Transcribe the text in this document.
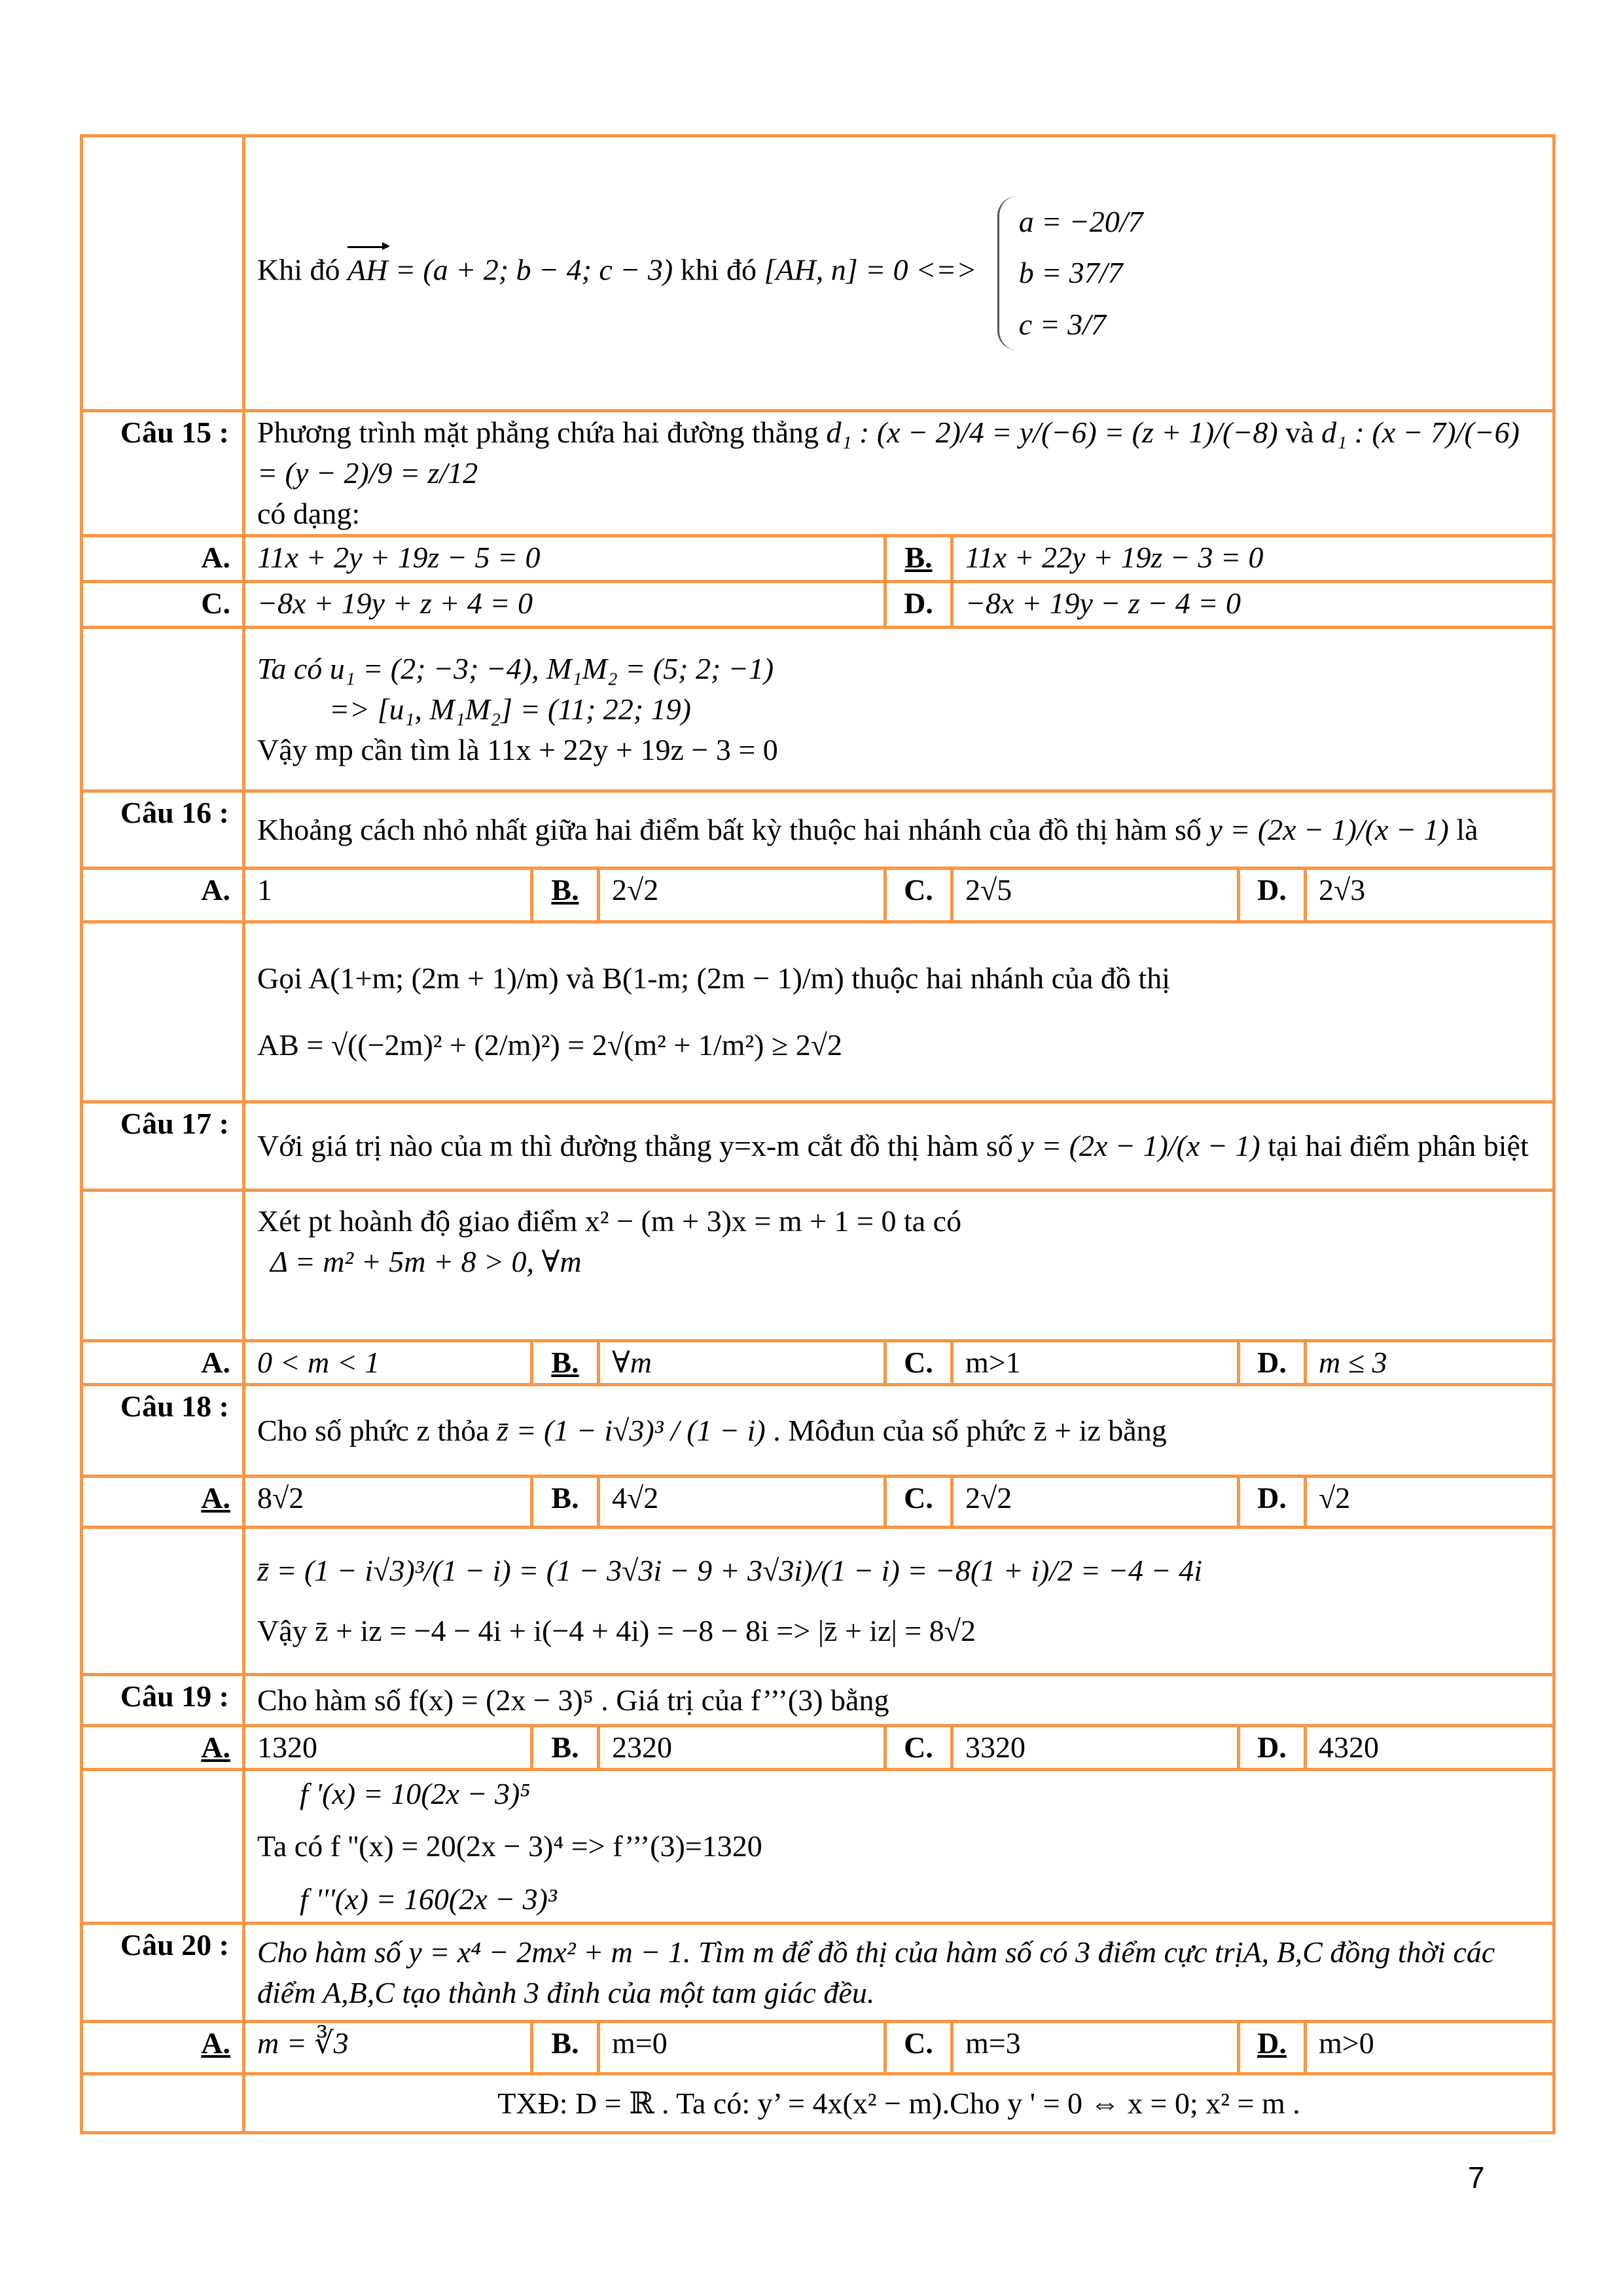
	Khi đó AH = (a + 2; b − 4; c − 3) khi đó [AH, n] = 0 <=>
a = −20/7
b = 37/7
c = 3/7						

Câu 15 :	Phương trình mặt phẳng chứa hai đường thẳng d₁ : (x − 2)/4 = y/(−6) = (z + 1)/(−8) và d₁ : (x − 7)/(−6) = (y − 2)/9 = z/12
có dạng:						
A.	11x + 2y + 19z − 5 = 0			B.	11x + 22y + 19z − 3 = 0		
C.	−8x + 19y + z + 4 = 0			D.	−8x + 19y − z − 4 = 0		

	Ta có u₁ = (2; −3; −4), M₁M₂ = (5; 2; −1)
=> [u₁, M₁M₂] = (11; 22; 19)
Vậy mp cần tìm là 11x + 22y + 19z − 3 = 0						

Câu 16 :	Khoảng cách nhỏ nhất giữa hai điểm bất kỳ thuộc hai nhánh của đồ thị hàm số y = (2x − 1)/(x − 1) là						
A.	1	B.	2√2	C.	2√5	D.	2√3

	Gọi A(1+m; (2m + 1)/m) và B(1-m; (2m − 1)/m) thuộc hai nhánh của đồ thị
AB = √((−2m)² + (2/m)²) = 2√(m² + 1/m²) ≥ 2√2						

Câu 17 :	Với giá trị nào của m thì đường thẳng y=x-m cắt đồ thị hàm số y = (2x − 1)/(x − 1) tại hai điểm phân biệt						

	Xét pt hoành độ giao điểm x² − (m + 3)x = m + 1 = 0 ta có
Δ = m² + 5m + 8 > 0, ∀m						

A.	0 < m < 1	B.	∀m	C.	m>1	D.	m ≤ 3
Câu 18 :	Cho số phức z thỏa z̄ = (1 − i√3)³ / (1 − i) . Môđun của số phức z̄ + iz bằng						
A.	8√2	B.	4√2	C.	2√2	D.	√2

	z̄ = (1 − i√3)³/(1 − i) = (1 − 3√3i − 9 + 3√3i)/(1 − i) = −8(1 + i)/2 = −4 − 4i
Vậy z̄ + iz = −4 − 4i + i(−4 + 4i) = −8 − 8i => |z̄ + iz| = 8√2						

Câu 19 :	Cho hàm số f(x) = (2x − 3)⁵ . Giá trị của f’’’(3) bằng						
A.	1320	B.	2320	C.	3320	D.	4320

	f '(x) = 10(2x − 3)⁵
Ta có f ''(x) = 20(2x − 3)⁴ => f’’’(3)=1320
f '''(x) = 160(2x − 3)³						

Câu 20 :	Cho hàm số y = x⁴ − 2mx² + m − 1. Tìm m để đồ thị của hàm số có 3 điểm cực trịA, B,C đồng thời các điểm A,B,C tạo thành 3 đỉnh của một tam giác đều.						
A.	m = ∛3	B.	m=0	C.	m=3	D.	m>0
	TXĐ: D = ℝ . Ta có: y’ = 4x(x² − m).Cho y ' = 0 ⇔ x = 0; x² = m .						
7
